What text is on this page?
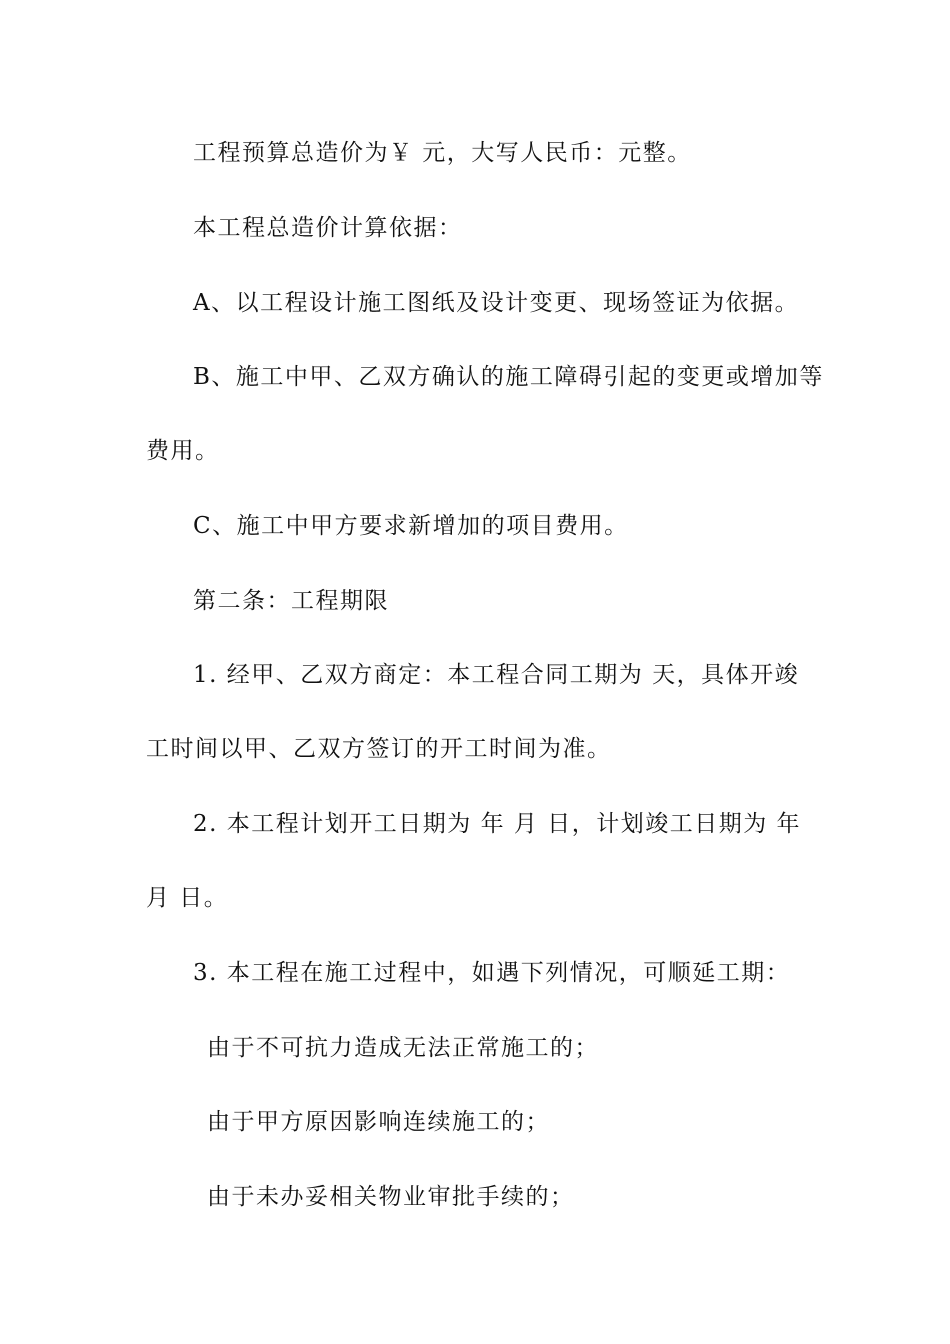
工程预算总造价为￥ 元，大写人民币：元整。
本工程总造价计算依据：
A、以工程设计施工图纸及设计变更、现场签证为依据。
B、施工中甲、乙双方确认的施工障碍引起的变更或增加等
费用。
C、施工中甲方要求新增加的项目费用。
第二条：工程期限
1. 经甲、乙双方商定：本工程合同工期为 天，具体开竣
工时间以甲、乙双方签订的开工时间为准。
2. 本工程计划开工日期为 年 月 日，计划竣工日期为 年
月 日。
3. 本工程在施工过程中，如遇下列情况，可顺延工期：
由于不可抗力造成无法正常施工的；
由于甲方原因影响连续施工的；
由于未办妥相关物业审批手续的；
